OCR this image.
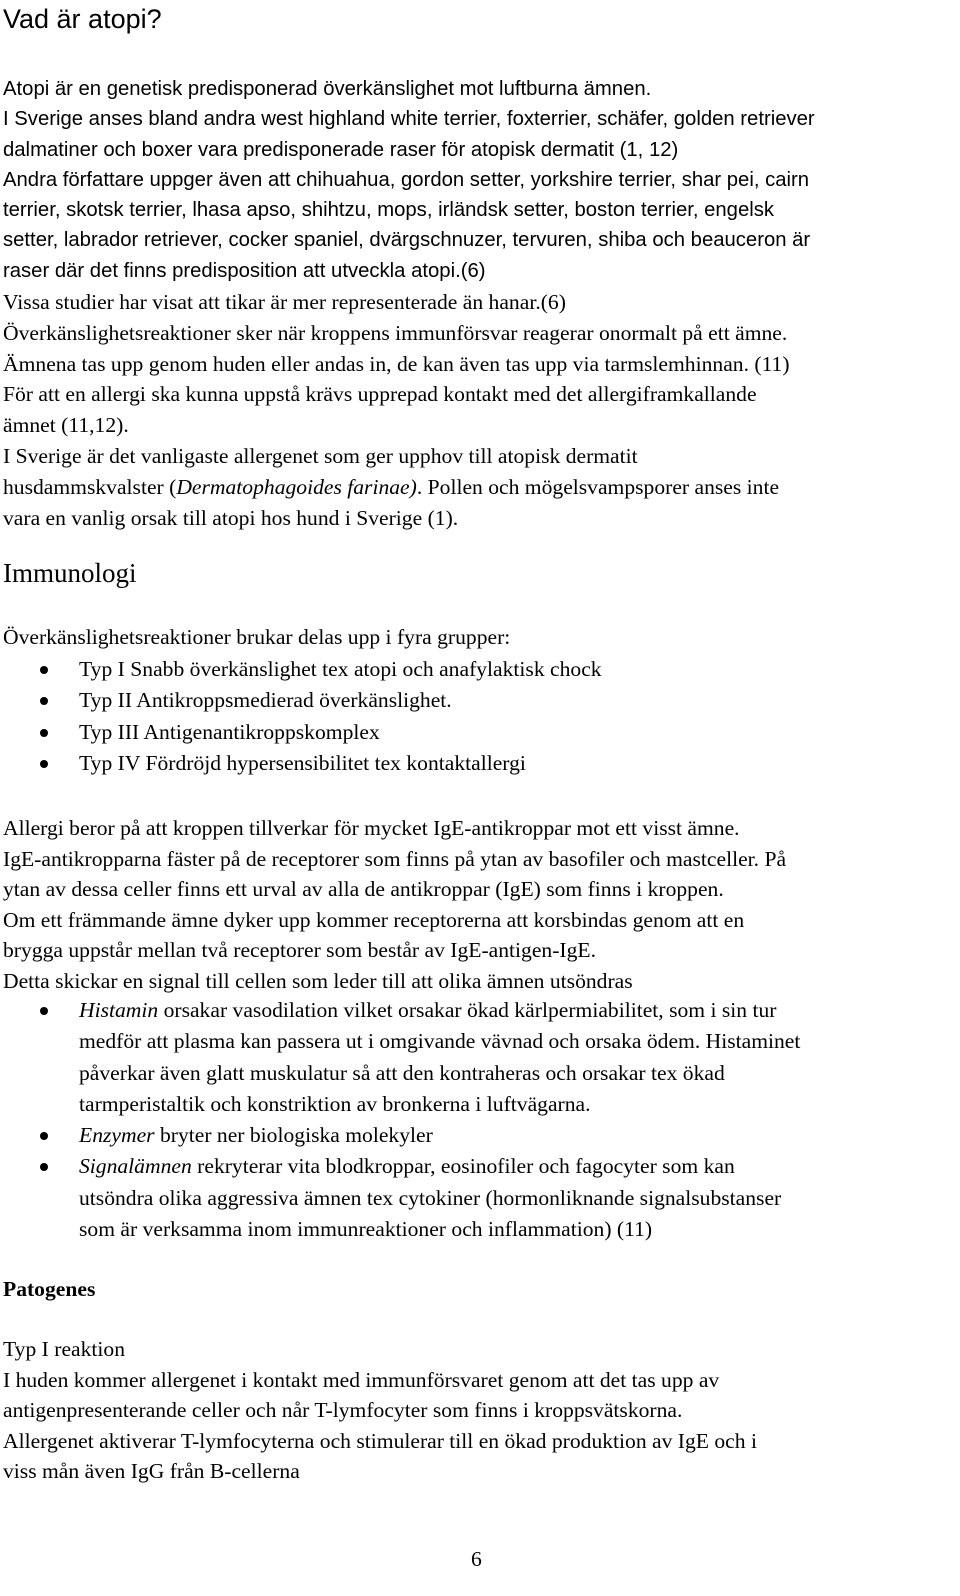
Vad är atopi?
Atopi är en genetisk predisponerad överkänslighet mot luftburna ämnen.
I Sverige anses bland andra west highland white terrier, foxterrier, schäfer, golden retriever
dalmatiner och boxer vara predisponerade raser för atopisk dermatit (1, 12)
Andra författare uppger även att chihuahua, gordon setter, yorkshire terrier, shar pei, cairn
terrier, skotsk terrier, lhasa apso, shihtzu, mops, irländsk setter, boston terrier, engelsk
setter, labrador retriever, cocker spaniel, dvärgschnuzer, tervuren, shiba och beauceron är
raser där det finns predisposition att utveckla atopi.(6)
Vissa studier har visat att tikar är mer representerade än hanar.(6)
Överkänslighetsreaktioner sker när kroppens immunförsvar reagerar onormalt på ett ämne.
Ämnena tas upp genom huden eller andas in, de kan även tas upp via tarmslemhinnan. (11)
För att en allergi ska kunna uppstå krävs upprepad kontakt med det allergiframkallande
ämnet (11,12).
I Sverige är det vanligaste allergenet som ger upphov till atopisk dermatit
husdammskvalster (Dermatophagoides farinae). Pollen och mögelsvampsporer anses inte
vara en vanlig orsak till atopi hos hund i Sverige (1).
Immunologi
Överkänslighetsreaktioner brukar delas upp i fyra grupper:
Typ I Snabb överkänslighet tex atopi och anafylaktisk chock
Typ II Antikroppsmedierad överkänslighet.
Typ III Antigenantikroppskomplex
Typ IV Fördröjd hypersensibilitet tex kontaktallergi
Allergi beror på att kroppen tillverkar för mycket IgE-antikroppar mot ett visst ämne.
IgE-antikropparna fäster på de receptorer som finns på ytan av basofiler och mastceller. På
ytan av dessa celler finns ett urval av alla de antikroppar (IgE) som finns i kroppen.
Om ett främmande ämne dyker upp kommer receptorerna att korsbindas genom att en
brygga uppstår mellan två receptorer som består av IgE-antigen-IgE.
Detta skickar en signal till cellen som leder till att olika ämnen utsöndras
Histamin orsakar vasodilation vilket orsakar ökad kärlpermiabilitet, som i sin tur
medför att plasma kan passera ut i omgivande vävnad och orsaka ödem. Histaminet
påverkar även glatt muskulatur så att den kontraheras och orsakar tex ökad
tarmperistaltik och konstriktion av bronkerna i luftvägarna.
Enzymer bryter ner biologiska molekyler
Signalämnen rekryterar vita blodkroppar, eosinofiler och fagocyter som kan
utsöndra olika aggressiva ämnen tex cytokiner (hormonliknande signalsubstanser
som är verksamma inom immunreaktioner och inflammation) (11)
Patogenes
Typ I reaktion
I huden kommer allergenet i kontakt med immunförsvaret genom att det tas upp av
antigenpresenterande celler och når T-lymfocyter som finns i kroppsvätskorna.
Allergenet aktiverar T-lymfocyterna och stimulerar till en ökad produktion av IgE och i
viss mån även IgG från B-cellerna
6
